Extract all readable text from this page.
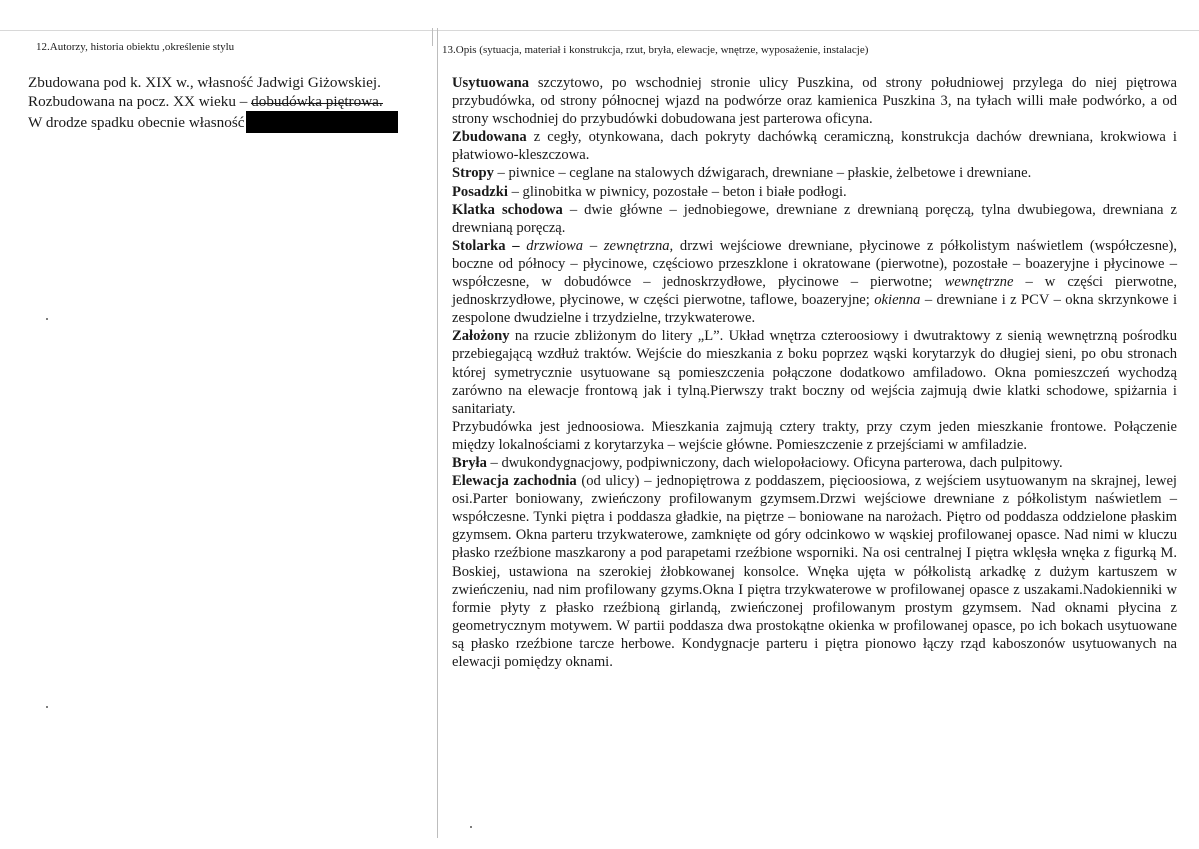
12.Autorzy, historia obiektu ,określenie stylu	13.Opis (sytuacja, materiał i konstrukcja, rzut, bryła, elewacje, wnętrze, wyposażenie, instalacje)
Zbudowana pod k. XIX w., własność Jadwigi Giżowskiej.
Rozbudowana na pocz. XX wieku – dobudówka piętrowa.
W drodze spadku obecnie własność

Usytuowana szczytowo, po wschodniej stronie ulicy Puszkina, od strony południowej przylega do niej piętrowa przybudówka, od strony północnej wjazd na podwórze oraz kamienica Puszkina 3, na tyłach willi małe podwórko, a od strony wschodniej do przybudówki dobudowana jest parterowa oficyna.

Zbudowana z cegły, otynkowana, dach pokryty dachówką ceramiczną, konstrukcja dachów drewniana, krokwiowa i płatwiowo-kleszczowa.

Stropy – piwnice – ceglane na stalowych dźwigarach, drewniane – płaskie, żelbetowe i drewniane.

Posadzki – glinobitka w piwnicy, pozostałe – beton i białe podłogi.

Klatka schodowa – dwie główne – jednobiegowe, drewniane z drewnianą poręczą, tylna dwubiegowa, drewniana z drewnianą poręczą.

Stolarka – drzwiowa – zewnętrzna, drzwi wejściowe drewniane, płycinowe z półkolistym naświetlem (współczesne), boczne od północy – płycinowe, częściowo przeszklone i okratowane (pierwotne), pozostałe – boazeryjne i płycinowe – współczesne, w dobudówce – jednoskrzydłowe, płycinowe – pierwotne; wewnętrzne – w części pierwotne, jednoskrzydłowe, płycinowe, w części pierwotne, taflowe, boazeryjne; okienna – drewniane i z PCV – okna skrzynkowe i zespolone dwudzielne i trzydzielne, trzykwaterowe.

Założony na rzucie zbliżonym do litery „L”. Układ wnętrza czteroosiowy i dwutraktowy z sienią wewnętrzną pośrodku przebiegającą wzdłuż traktów. Wejście do mieszkania z boku poprzez wąski korytarzyk do długiej sieni, po obu stronach której symetrycznie usytuowane są pomieszczenia połączone dodatkowo amfiladowo. Okna pomieszczeń wychodzą zarówno na elewacje frontową jak i tylną.Pierwszy trakt boczny od wejścia zajmują dwie klatki schodowe, spiżarnia i sanitariaty.

Przybudówka jest jednoosiowa. Mieszkania zajmują cztery trakty, przy czym jeden mieszkanie frontowe. Połączenie między lokalnościami z korytarzyka – wejście główne. Pomieszczenie z przejściami w amfiladzie.

Bryła – dwukondygnacjowy, podpiwniczony, dach wielopołaciowy. Oficyna parterowa, dach pulpitowy.

Elewacja zachodnia (od ulicy) – jednopiętrowa z poddaszem, pięcioosiowa, z wejściem usytuowanym na skrajnej, lewej osi.Parter boniowany, zwieńczony profilowanym gzymsem.Drzwi wejściowe drewniane z półkolistym naświetlem – współczesne. Tynki piętra i poddasza gładkie, na piętrze – boniowane na narożach. Piętro od poddasza oddzielone płaskim gzymsem. Okna parteru trzykwaterowe, zamknięte od góry odcinkowo w wąskiej profilowanej opasce. Nad nimi w kluczu płasko rzeźbione maszkarony a pod parapetami rzeźbione wsporniki. Na osi centralnej I piętra wklęsła wnęka z figurką M. Boskiej, ustawiona na szerokiej żłobkowanej konsolce. Wnęka ujęta w półkolistą arkadkę z dużym kartuszem w zwieńczeniu, nad nim profilowany gzyms.Okna I piętra trzykwaterowe w profilowanej opasce z uszakami.Nadokienniki w formie płyty z płasko rzeźbioną girlandą, zwieńczonej profilowanym prostym gzymsem. Nad oknami płycina z geometrycznym motywem. W partii poddasza dwa prostokątne okienka w profilowanej opasce, po ich bokach usytuowane są płasko rzeźbione tarcze herbowe. Kondygnacje parteru i piętra pionowo łączy rząd kaboszonów usytuowanych na elewacji pomiędzy oknami.
